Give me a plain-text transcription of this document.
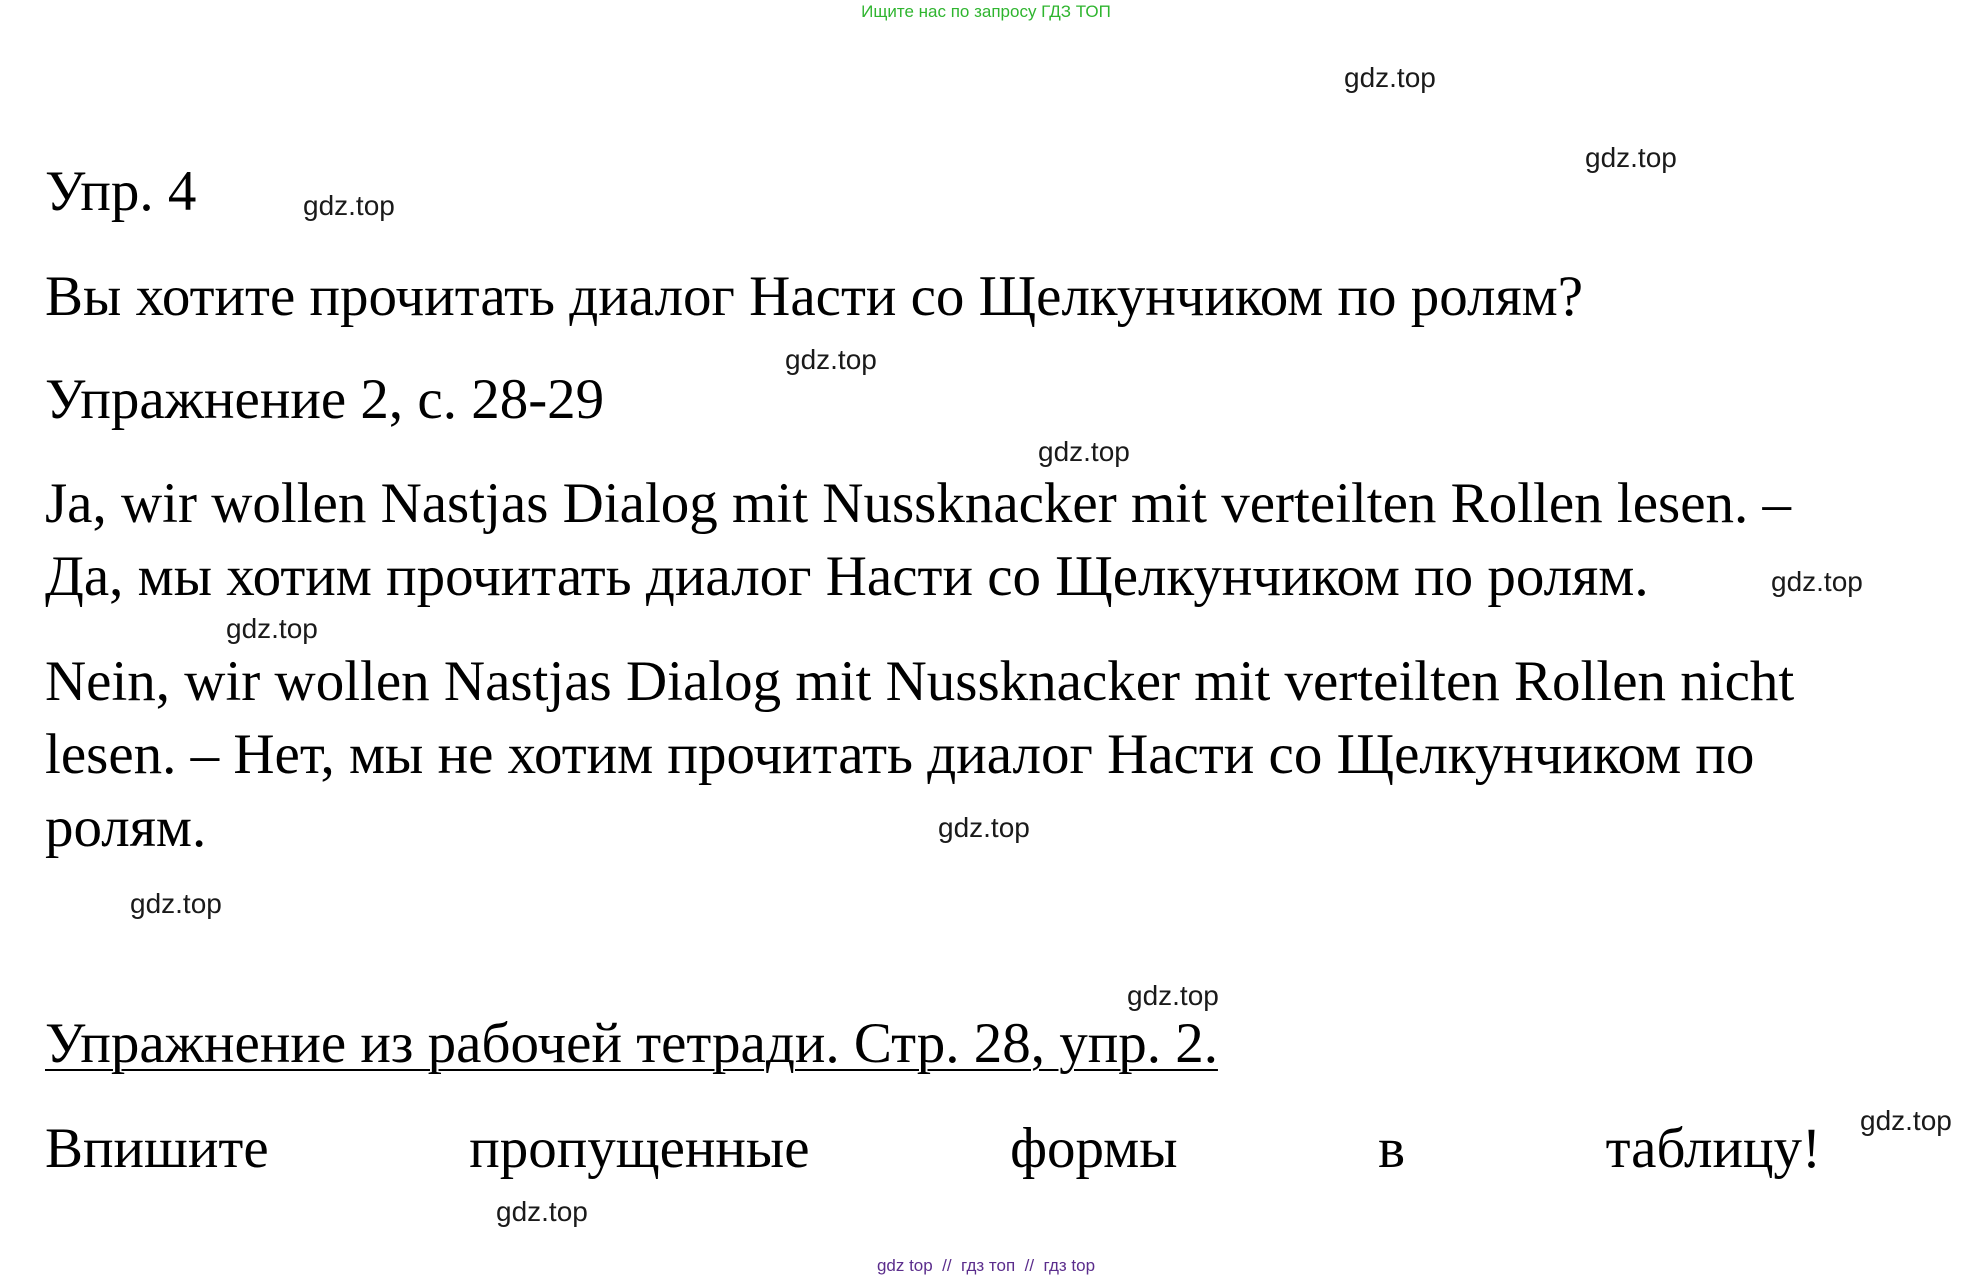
Ищите нас по запросу ГДЗ ТОП
Упр. 4
Вы хотите прочитать диалог Насти со Щелкунчиком по ролям?
Упражнение 2, с. 28-29
Ja, wir wollen Nastjas Dialog mit Nussknacker mit verteilten Rollen lesen. –
Да, мы хотим прочитать диалог Насти со Щелкунчиком по ролям.
Nein, wir wollen Nastjas Dialog mit Nussknacker mit verteilten Rollen nicht
lesen. – Нет, мы не хотим прочитать диалог Насти со Щелкунчиком по
ролям.
Упражнение из рабочей тетради. Стр. 28, упр. 2.
Впишите	пропущенные	формы	в	таблицу!
gdz.top
gdz.top
gdz.top
gdz.top
gdz.top
gdz.top
gdz.top
gdz.top
gdz.top
gdz.top
gdz.top
gdz.top
gdz top  //  гдз топ  //  гдз top
